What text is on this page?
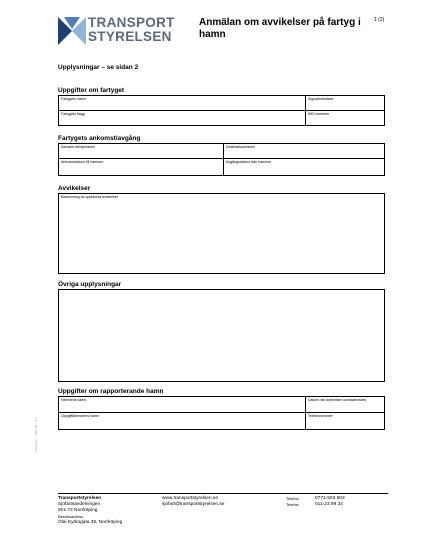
TRANSPORT
STYRELSEN
Anmälan om avvikelser på fartyg i hamn
1 (2)
Upplysningar – se sidan 2
Uppgifter om fartyget
Fartygets namn	Signalbokstäver
Fartygets flagg	IMO-nummer
Fartygets ankomst/avgång
Senaste anlöpshamn	Destinationshamn
Ankomstdatum till hamnen	Avgångsdatum från hamnen
Avvikelser
Beskrivning av upptäckta avvikelser
Övriga upplysningar
Uppgifter om rapporterande hamn
Hamnens namn	Datum när avvikelsen konstaterades
Uppgiftlämnarens namn	Telefonnummer
TSxxxxxx – 2009-05 – 1.0
Transportstyrelsen
Sjöfartsavdelningen
601 73 Norrköping
Besöksadress
Olai Kyrkogata 35, Norrköping
www.transportstyrelsen.se
sjofart@transportstyrelsen.se
Telefon	0771-503 503
Telefax	011-23 99 34
